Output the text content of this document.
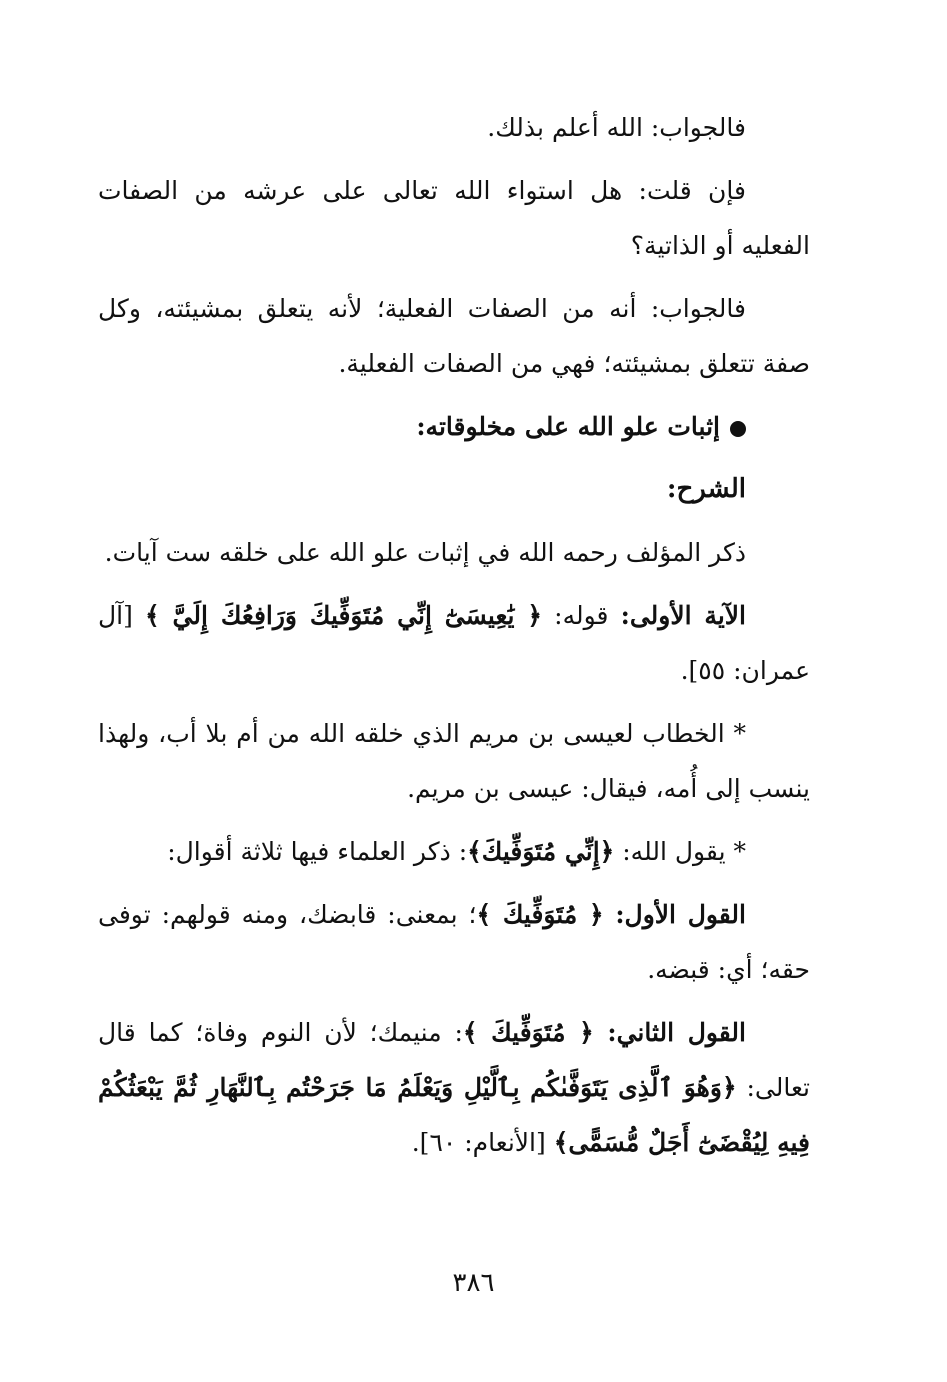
فالجواب: الله أعلم بذلك.

فإن قلت: هل استواء الله تعالى على عرشه من الصفات الفعليه أو الذاتية؟

فالجواب: أنه من الصفات الفعلية؛ لأنه يتعلق بمشيئته، وكل صفة تتعلق بمشيئته؛ فهي من الصفات الفعلية.

إثبات علو الله على مخلوقاته:
الشرح:

ذكر المؤلف رحمه الله في إثبات علو الله على خلقه ست آيات.

الآية الأولى: قوله: ﴿ يَٰعِيسَىٰٓ إِنِّي مُتَوَفِّيكَ وَرَافِعُكَ إِلَيَّ ﴾ [آل عمران: ٥٥].

* الخطاب لعيسى بن مريم الذي خلقه الله من أم بلا أب، ولهذا ينسب إلى أُمه، فيقال: عيسى بن مريم.

* يقول الله: ﴿إِنِّي مُتَوَفِّيكَ﴾: ذكر العلماء فيها ثلاثة أقوال:

القول الأول: ﴿ مُتَوَفِّيكَ ﴾؛ بمعنى: قابضك، ومنه قولهم: توفى حقه؛ أي: قبضه.

القول الثاني: ﴿ مُتَوَفِّيكَ ﴾: منيمك؛ لأن النوم وفاة؛ كما قال تعالى: ﴿وَهُوَ ٱلَّذِى يَتَوَفَّىٰكُم بِٱلَّيْلِ وَيَعْلَمُ مَا جَرَحْتُم بِٱلنَّهَارِ ثُمَّ يَبْعَثُكُمْ فِيهِ لِيُقْضَىٰٓ أَجَلٌ مُّسَمًّى﴾ [الأنعام: ٦٠].

٣٨٦
